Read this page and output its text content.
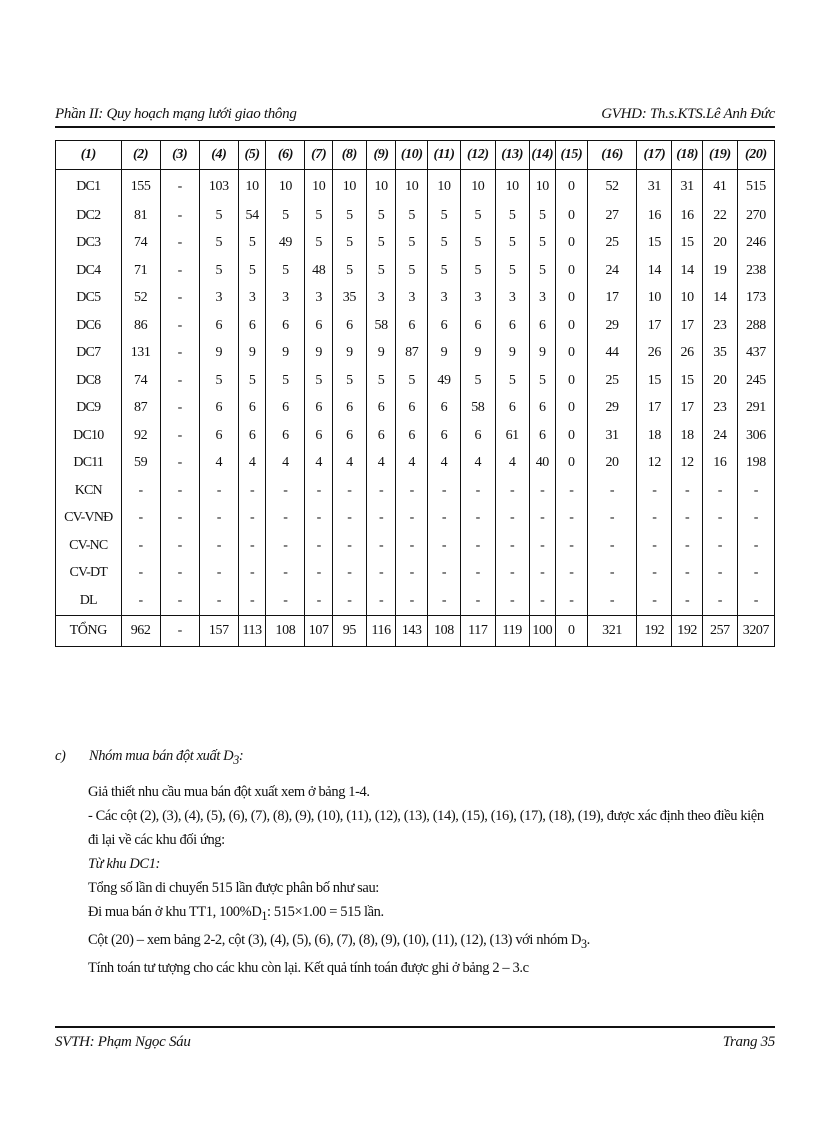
Phần II: Quy hoạch mạng lưới giao thông	GVHD: Th.s.KTS.Lê Anh Đức
(1)	(2)	(3)	(4)	(5)	(6)	(7)	(8)	(9)	(10)	(11)	(12)	(13)	(14)	(15)	(16)	(17)	(18)	(19)	(20)
DC1	155	-	103	10	10	10	10	10	10	10	10	10	10	0	52	31	31	41	515
DC2	81	-	5	54	5	5	5	5	5	5	5	5	5	0	27	16	16	22	270
DC3	74	-	5	5	49	5	5	5	5	5	5	5	5	0	25	15	15	20	246
DC4	71	-	5	5	5	48	5	5	5	5	5	5	5	0	24	14	14	19	238
DC5	52	-	3	3	3	3	35	3	3	3	3	3	3	0	17	10	10	14	173
DC6	86	-	6	6	6	6	6	58	6	6	6	6	6	0	29	17	17	23	288
DC7	131	-	9	9	9	9	9	9	87	9	9	9	9	0	44	26	26	35	437
DC8	74	-	5	5	5	5	5	5	5	49	5	5	5	0	25	15	15	20	245
DC9	87	-	6	6	6	6	6	6	6	6	58	6	6	0	29	17	17	23	291
DC10	92	-	6	6	6	6	6	6	6	6	6	61	6	0	31	18	18	24	306
DC11	59	-	4	4	4	4	4	4	4	4	4	4	40	0	20	12	12	16	198
KCN	-	-	-	-	-	-	-	-	-	-	-	-	-	-	-	-	-	-	-
CV-VNĐ	-	-	-	-	-	-	-	-	-	-	-	-	-	-	-	-	-	-	-
CV-NC	-	-	-	-	-	-	-	-	-	-	-	-	-	-	-	-	-	-	-
CV-DT	-	-	-	-	-	-	-	-	-	-	-	-	-	-	-	-	-	-	-
DL	-	-	-	-	-	-	-	-	-	-	-	-	-	-	-	-	-	-	-
TỔNG	962	-	157	113	108	107	95	116	143	108	117	119	100	0	321	192	192	257	3207
c) Nhóm mua bán đột xuất $D_3$:

Giả thiết nhu cầu mua bán đột xuất xem ở bảng 1-4.

- Các cột (2), (3), (4), (5), (6), (7), (8), (9), (10), (11), (12), (13), (14), (15), (16), (17), (18), (19), được xác định theo điều kiện đi lại về các khu đối ứng:

Từ khu DC1:

Tổng số lần di chuyển 515 lần được phân bố như sau:

Đi mua bán ở khu TT1, $100\%D_1$: 515×1.00 = 515 lần.

Cột (20) – xem bảng 2-2, cột (3), (4), (5), (6), (7), (8), (9), (10), (11), (12), (13) với nhóm $D_3$.

Tính toán tư tượng cho các khu còn lại. Kết quả tính toán được ghi ở bảng 2 – 3.c

SVTH: Phạm Ngọc Sáu	Trang 35
